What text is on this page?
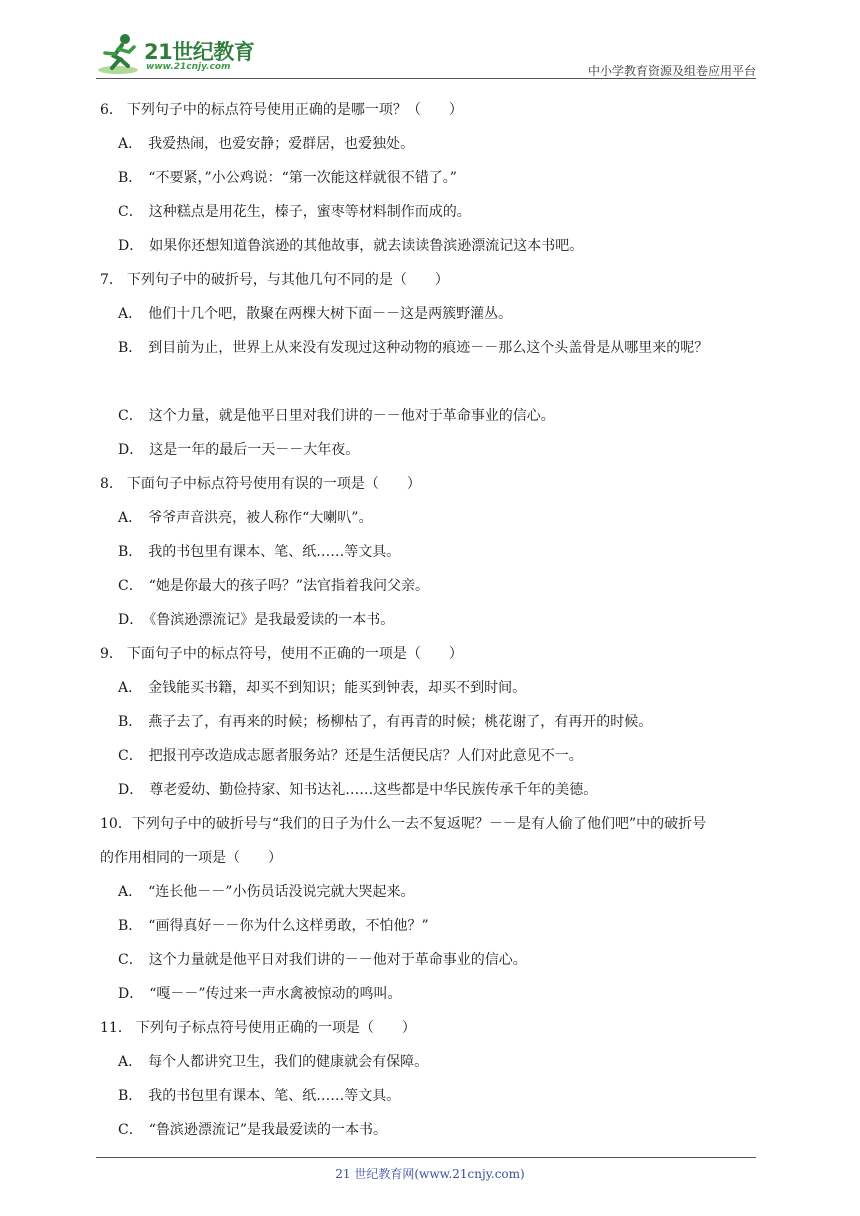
21世纪教育
www.21cnjy.com	中小学教育资源及组卷应用平台
6． 下列句子中的标点符号使用正确的是哪一项？（　　）
A． 我爱热闹，也爱安静；爱群居，也爱独处。
B． “不要紧，”小公鸡说：“第一次能这样就很不错了。”
C． 这种糕点是用花生，榛子，蜜枣等材料制作而成的。
D． 如果你还想知道鲁滨逊的其他故事，就去读读鲁滨逊漂流记这本书吧。
7． 下列句子中的破折号，与其他几句不同的是（　　）
A． 他们十几个吧，散聚在两棵大树下面－－这是两簇野灌丛。
B． 到目前为止，世界上从来没有发现过这种动物的痕迹－－那么这个头盖骨是从哪里来的呢？
C． 这个力量，就是他平日里对我们讲的－－他对于革命事业的信心。
D． 这是一年的最后一天－－大年夜。
8． 下面句子中标点符号使用有误的一项是（　　）
A． 爷爷声音洪亮，被人称作“大喇叭”。
B． 我的书包里有课本、笔、纸……等文具。
C． “她是你最大的孩子吗？”法官指着我问父亲。
D． 《鲁滨逊漂流记》是我最爱读的一本书。
9． 下面句子中的标点符号，使用不正确的一项是（　　）
A． 金钱能买书籍，却买不到知识；能买到钟表，却买不到时间。
B． 燕子去了，有再来的时候；杨柳枯了，有再青的时候；桃花谢了，有再开的时候。
C． 把报刊亭改造成志愿者服务站？还是生活便民店？人们对此意见不一。
D． 尊老爱幼、勤俭持家、知书达礼……这些都是中华民族传承千年的美德。
10．下列句子中的破折号与“我们的日子为什么一去不复返呢？－－是有人偷了他们吧”中的破折号
的作用相同的一项是（　　）
A． “连长他－－”小伤员话没说完就大哭起来。
B． “画得真好－－你为什么这样勇敢，不怕他？”
C． 这个力量就是他平日对我们讲的－－他对于革命事业的信心。
D． “嘎－－”传过来一声水禽被惊动的鸣叫。
11． 下列句子标点符号使用正确的一项是（　　）
A． 每个人都讲究卫生，我们的健康就会有保障。
B． 我的书包里有课本、笔、纸……等文具。
C． “鲁滨逊漂流记”是我最爱读的一本书。
21 世纪教育网(www.21cnjy.com)
